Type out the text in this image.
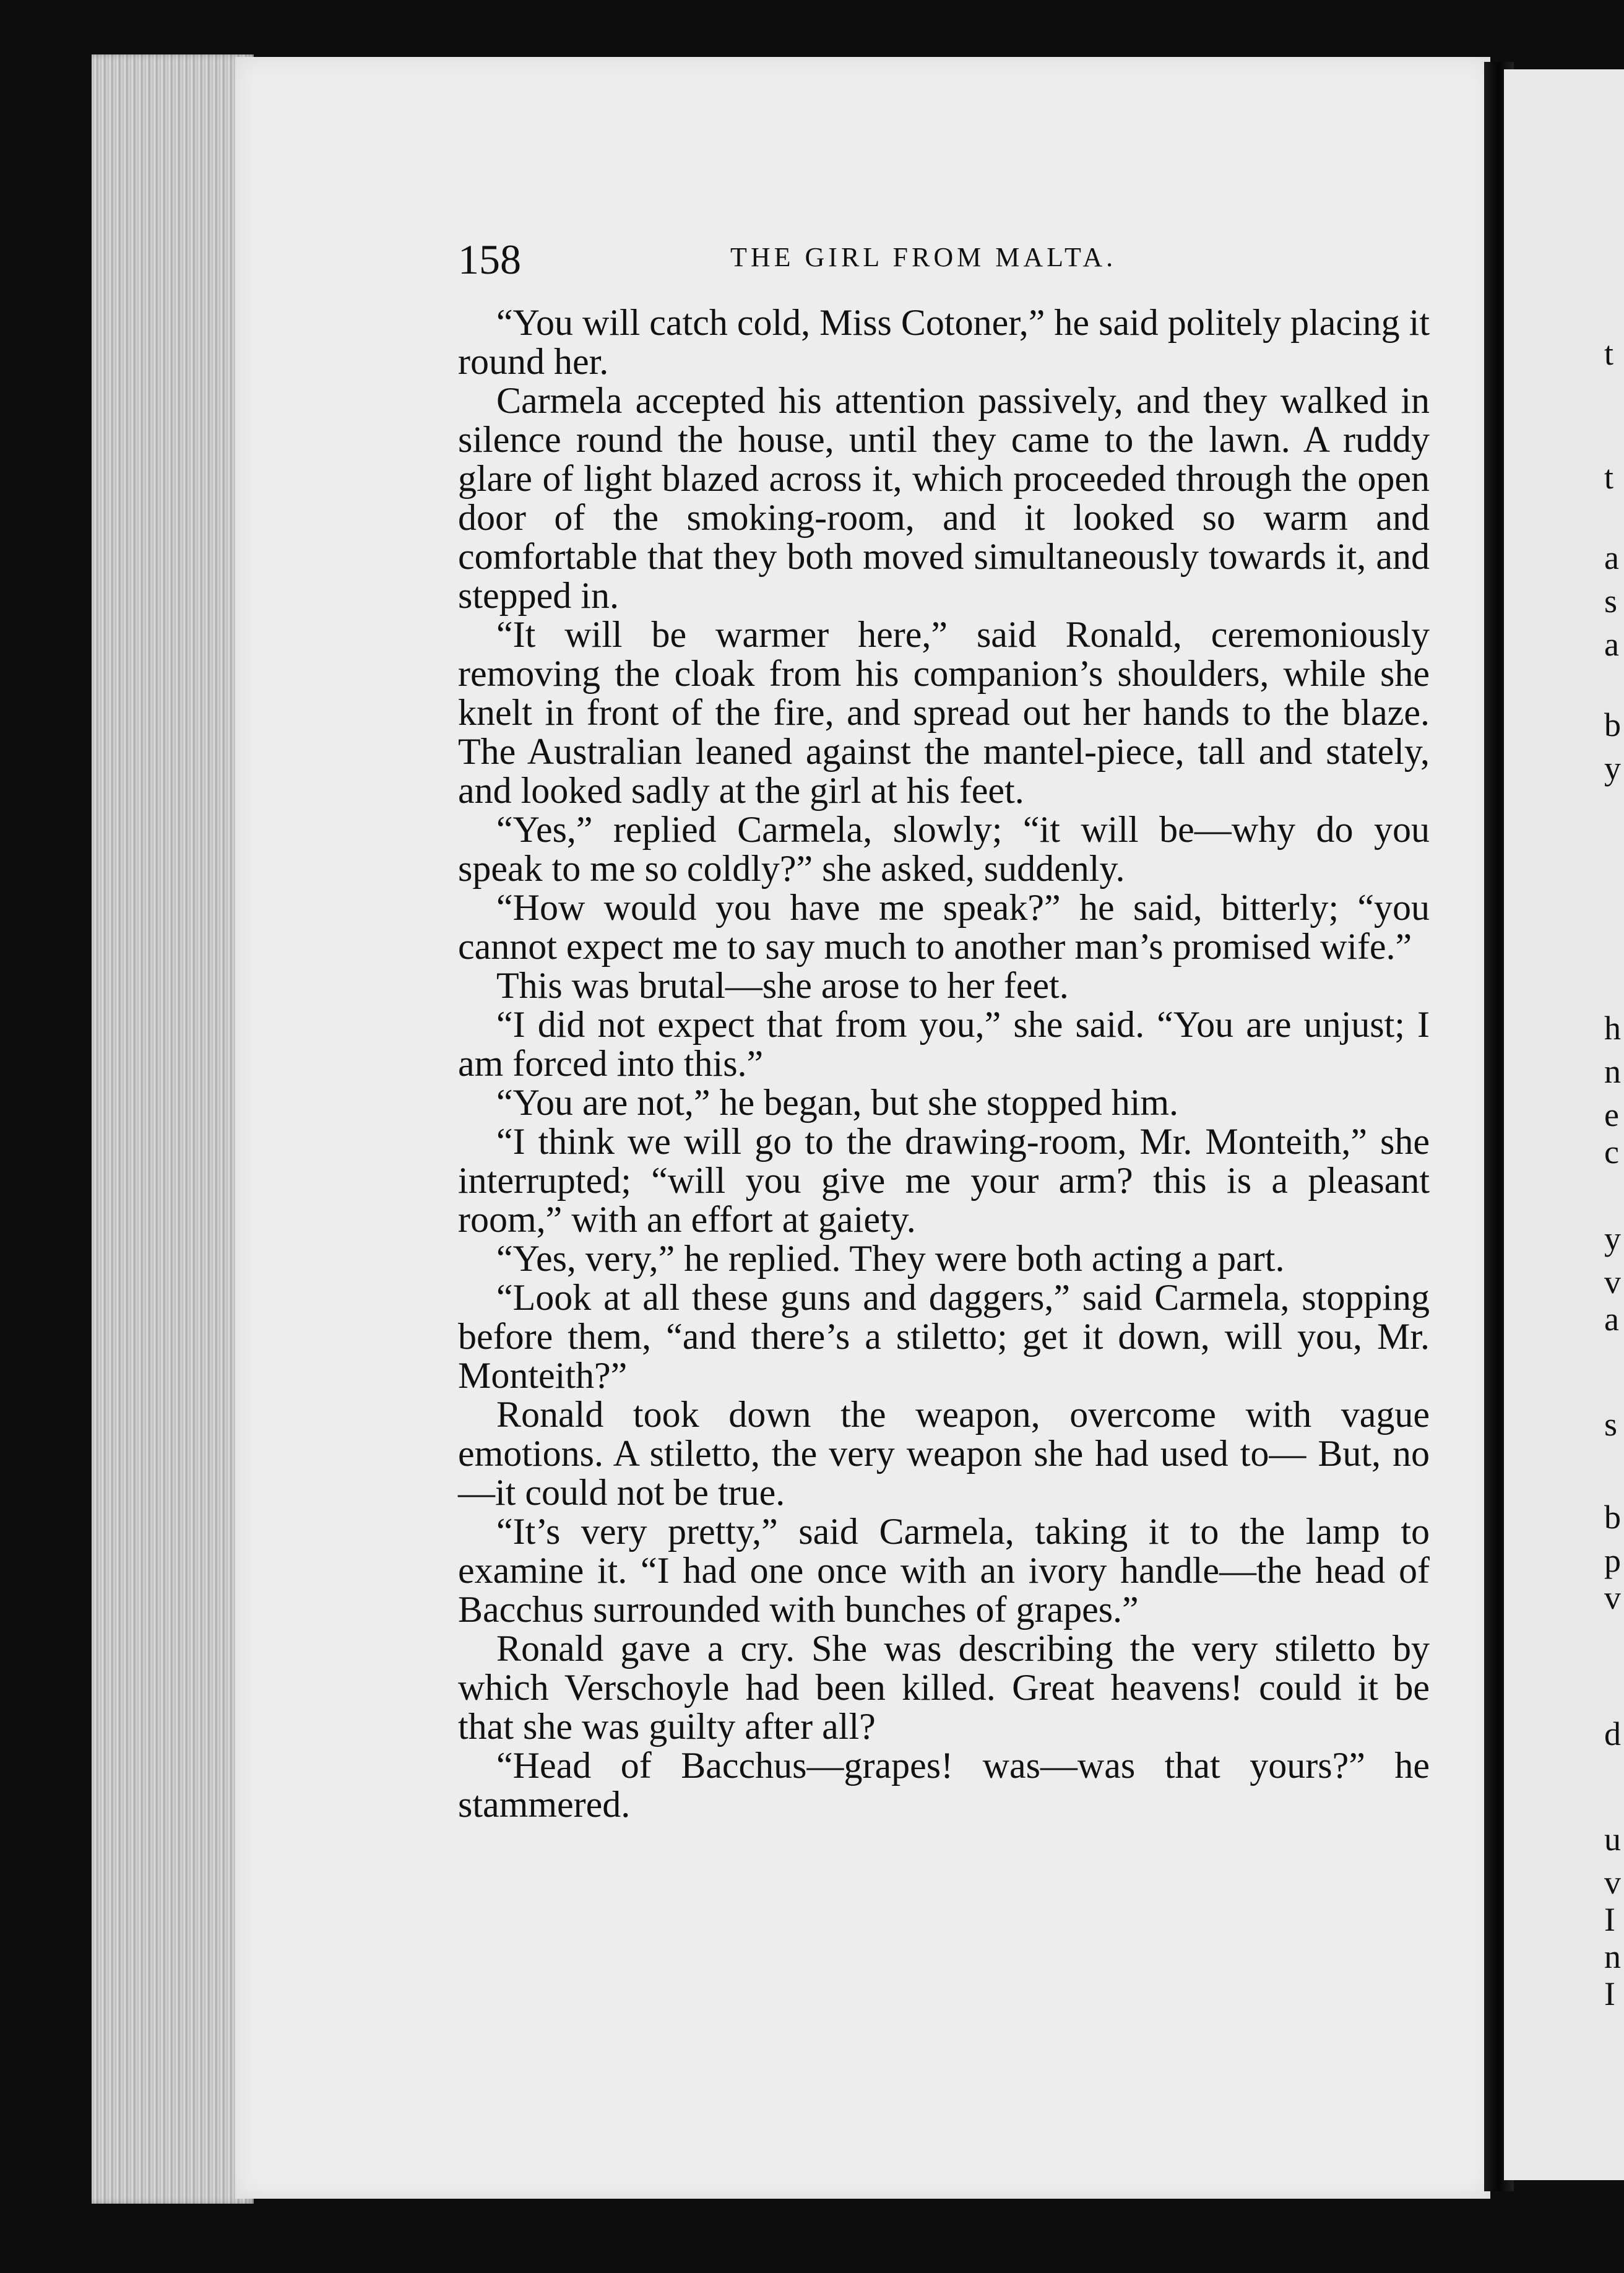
158	THE GIRL FROM MALTA.

“You will catch cold, Miss Cotoner,” he said politely placing it round her.

Carmela accepted his attention passively, and they walked in silence round the house, until they came to the lawn. A ruddy glare of light blazed across it, which proceeded through the open door of the smoking-room, and it looked so warm and comfortable that they both moved simultaneously towards it, and stepped in.

“It will be warmer here,” said Ronald, ceremoniously removing the cloak from his companion’s shoulders, while she knelt in front of the fire, and spread out her hands to the blaze. The Australian leaned against the mantel-piece, tall and stately, and looked sadly at the girl at his feet.

“Yes,” replied Carmela, slowly; “it will be—why do you speak to me so coldly?” she asked, suddenly.

“How would you have me speak?” he said, bitterly; “you cannot expect me to say much to another man’s promised wife.”

This was brutal—she arose to her feet.

“I did not expect that from you,” she said. “You are unjust; I am forced into this.”

“You are not,” he began, but she stopped him.

“I think we will go to the drawing-room, Mr. Monteith,” she interrupted; “will you give me your arm? this is a pleasant room,” with an effort at gaiety.

“Yes, very,” he replied. They were both acting a part.

“Look at all these guns and daggers,” said Carmela, stopping before them, “and there’s a stiletto; get it down, will you, Mr. Monteith?”

Ronald took down the weapon, overcome with vague emotions. A stiletto, the very weapon she had used to— But, no—it could not be true.

“It’s very pretty,” said Carmela, taking it to the lamp to examine it. “I had one once with an ivory handle—the head of Bacchus surrounded with bunches of grapes.”

Ronald gave a cry. She was describing the very stiletto by which Verschoyle had been killed. Great heavens! could it be that she was guilty after all?

“Head of Bacchus—grapes! was—was that yours?” he stammered.

t
t
a
s
a
b
y
h
n
e
c
y
v
a
s
b
p
v
d
u
v
I
n
I
